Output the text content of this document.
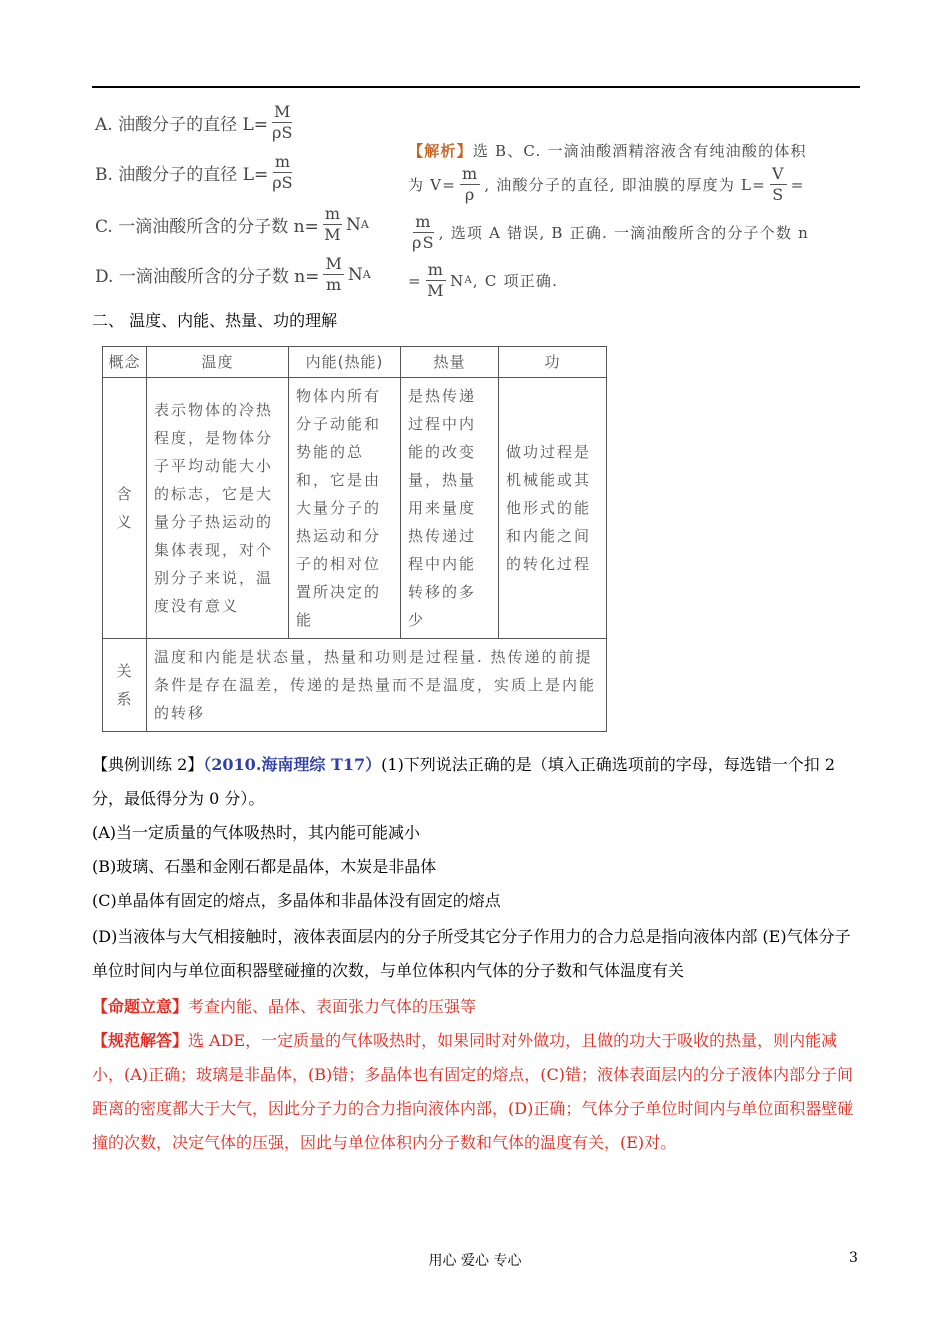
A. 油酸分子的直径 $L= \frac{M}{\rho S}$
B. 油酸分子的直径 $L= \frac{m}{\rho S}$
C. 一滴油酸所含的分子数 $n= \frac{m}{M}$ N A
D. 一滴油酸所含的分子数 $n= \frac{M}{m}$ N A
【解析】 选 B、C. 一滴油酸酒精溶液含有纯油酸的体积
为 $V= \frac{m}{\rho}$ , 油酸分子的直径, 即油膜的厚度为 $L= \frac{V}{S}$ =
$\frac{m}{\rho S}$ , 选项 A 错误, B 正确. 一滴油酸所含的分子个数 n
= $\frac{m}{M}$ N A , C 项正确.
二、 温度、内能、热量、功的理解
概念	温度	内能(热能)	热量	功
含义	表示物体的冷热程度，是物体分子平均动能大小的标志，它是大量分子热运动的集体表现，对个别分子来说，温度没有意义	物体内所有分子动能和势能的总和，它是由大量分子的热运动和分子的相对位置所决定的能	是热传递过程中内能的改变量，热量用来量度热传递过程中内能转移的多少	做功过程是机械能或其他形式的能和内能之间的转化过程
关系	温度和内能是状态量，热量和功则是过程量. 热传递的前提条件是存在温差，传递的是热量而不是温度，实质上是内能的转移			
【典例训练 2】（2010.海南理综 T17）(1)下列说法正确的是（填入正确选项前的字母，每选错一个扣 2 分，最低得分为 0 分）。
(A)当一定质量的气体吸热时，其内能可能减小
(B)玻璃、石墨和金刚石都是晶体，木炭是非晶体
(C)单晶体有固定的熔点，多晶体和非晶体没有固定的熔点
(D)当液体与大气相接触时，液体表面层内的分子所受其它分子作用力的合力总是指向液体内部 (E)气体分子单位时间内与单位面积器壁碰撞的次数，与单位体积内气体的分子数和气体温度有关
【命题立意】考查内能、晶体、表面张力气体的压强等
【规范解答】选 ADE，一定质量的气体吸热时，如果同时对外做功，且做的功大于吸收的热量，则内能减小，(A)正确；玻璃是非晶体，(B)错；多晶体也有固定的熔点，(C)错；液体表面层内的分子液体内部分子间距离的密度都大于大气，因此分子力的合力指向液体内部，(D)正确；气体分子单位时间内与单位面积器壁碰撞的次数，决定气体的压强，因此与单位体积内分子数和气体的温度有关，(E)对。
用心 爱心 专心	3
